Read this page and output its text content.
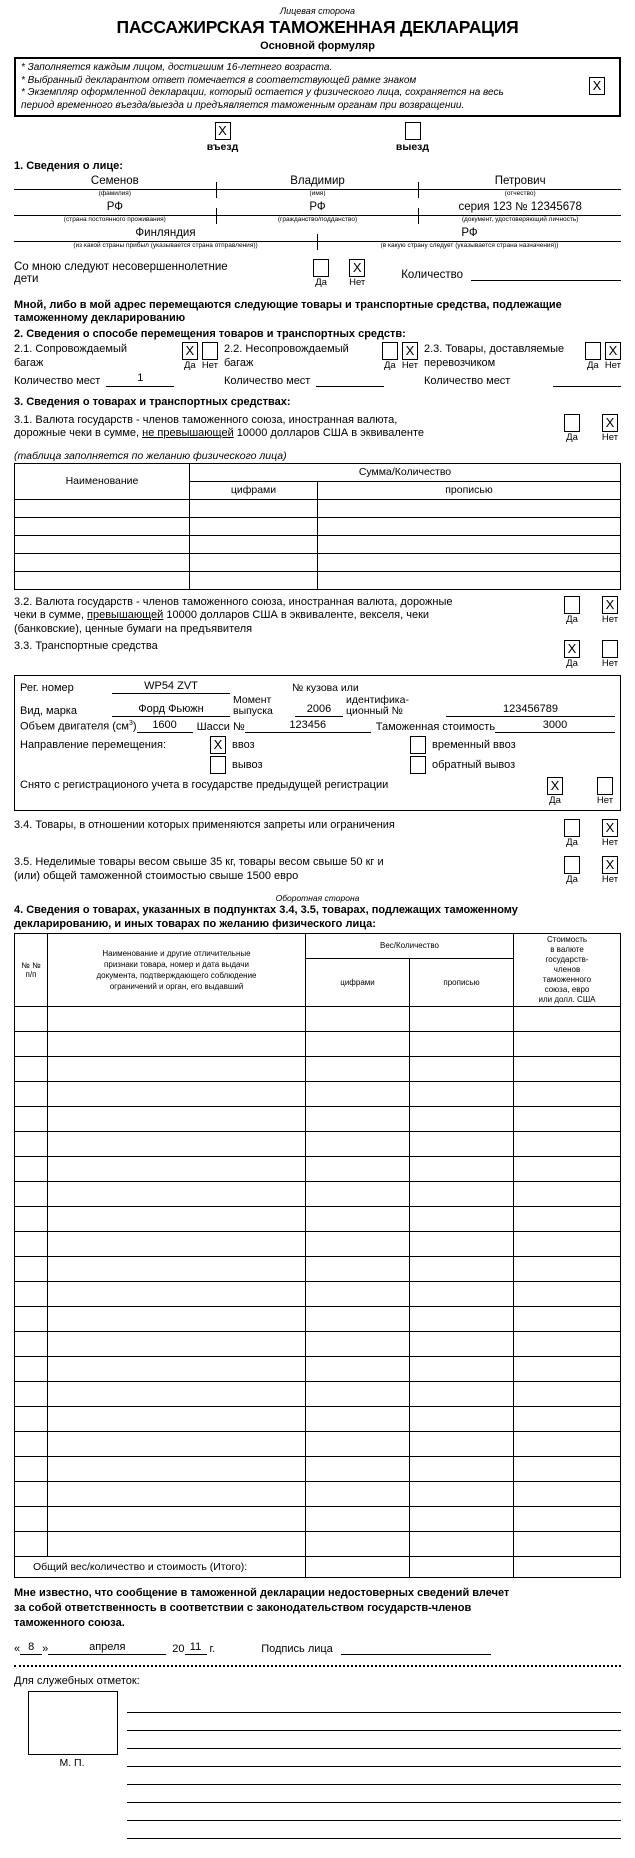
Лицевая сторона
ПАССАЖИРСКАЯ ТАМОЖЕННАЯ ДЕКЛАРАЦИЯ
Основной формуляр

* Заполняется каждым лицом, достигшим 16-летнего возраста.

* Выбранный декларантом ответ помечается в соответствующей рамке знаком

* Экземпляр оформленной декларации, который остается у физического лица, сохраняется на весь

период временного въезда/выезда и предъявляется таможенным органам при возвращении.

X
X
въезд	выезд
1. Сведения о лице:
Семенов
(фамилия)
Владимир
(имя)
Петрович
(отчество)
РФ
(страна постоянного проживания)
РФ
(гражданство/подданство)
серия 123 № 12345678
(документ, удостоверяющий личность)
Финляндия
(из какой страны прибыл (указывается страна отправления))
РФ
(в какую страну следует (указывается страна назначения))
Со мною следуют несовершеннолетние дети	Да
X
Нет
Количество
Мной, либо в мой адрес перемещаются следующие товары и транспортные средства, подлежащие
таможенному декларированию
2. Сведения о способе перемещения товаров и транспортных средств:
2.1. Сопровождаемый
багаж
X
Да Нет
2.2. Несопровождаемый
багаж	Да
X
Нет
2.3. Товары, доставляемые
перевозчиком	Да
X
Нет
Количество мест	1	Количество мест	Количество мест
3. Сведения о товарах и транспортных средствах:
3.1. Валюта государств - членов таможенного союза, иностранная валюта,
дорожные чеки в сумме, не превышающей 10000 долларов США в эквиваленте	Да
X
Нет
(таблица заполняется по желанию физического лица)
Наименование	Сумма/Количество	
	цифрами	прописью

3.2. Валюта государств - членов таможенного союза, иностранная валюта, дорожные
чеки в сумме, превышающей 10000 долларов США в эквиваленте, векселя, чеки
(банковские), ценные бумаги на предъявителя
Да
X
Нет
3.3. Транспортные средства	X
Да	Нет
Рег. номер	WP54 ZVT	№ кузова или
Вид, марка	Форд Фьюжн
Момент
выпуска	2006
идентифика-
ционный №	123456789
Объем двигателя $(см^3)$	1600	Шасси №	123456	Таможенная стоимость	3000
Направление перемещения:	X ввоз	временный ввоз
вывоз	обратный вывоз
Снято с регистрационого учета в государстве предыдущей регистрации	X
Да	Нет
3.4. Товары, в отношении которых применяются запреты или ограничения
Да
X
Нет
3.5. Неделимые товары весом свыше 35 кг, товары весом свыше 50 кг и
(или) общей таможенной стоимостью свыше 1500 евро	Да
X
Нет
Оборотная сторона
4. Сведения о товарах, указанных в подпунктах 3.4, 3.5, товарах, подлежащих таможенному
декларированию, и иных товарах по желанию физического лица:
№ №
п/п

Наименование и другие отличительные
признаки товара, номер и дата выдачи
документа, подтверждающего соблюдение
ограничений и орган, его выдавший
	Вес/Количество	
Стоимость
в валюте
государств-
членов
таможенного
союза, евро
или долл. США

		цифрами	прописью	

Общий вес/количество и стоимость (Итого):				
Мне известно, что сообщение в таможенной декларации недостоверных сведений влечет
за собой ответственность в соответствии с законодательством государств-членов
таможенного союза.
« 8 »	апреля	20 11 г.	Подпись лица
Для служебных отметок:
М. П.
